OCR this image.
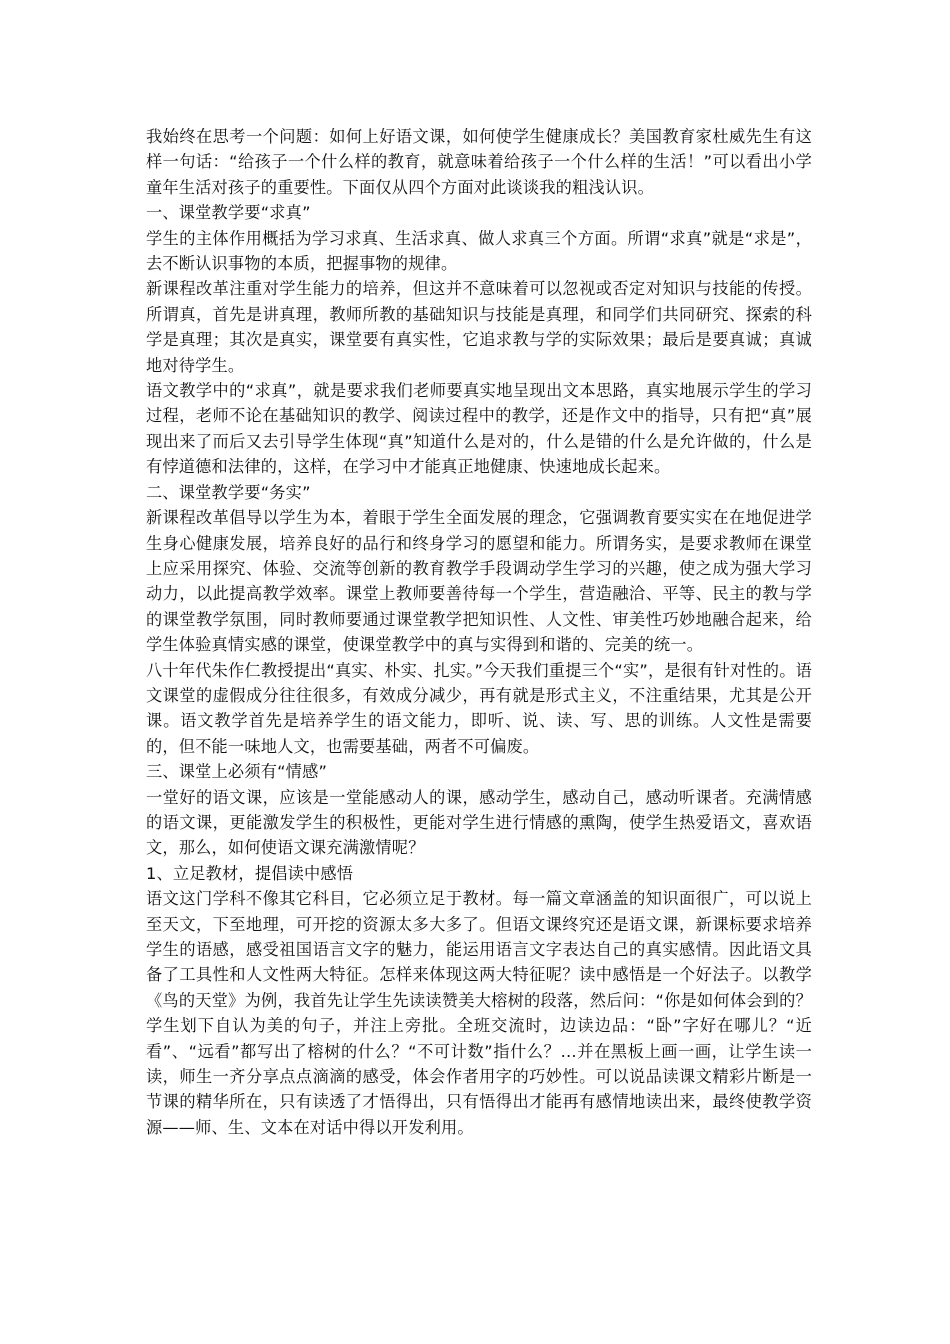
我始终在思考一个问题：如何上好语文课，如何使学生健康成长？美国教育家杜威先生有这样一句话：“给孩子一个什么样的教育，就意味着给孩子一个什么样的生活！”可以看出小学 童年生活对孩子的重要性。下面仅从四个方面对此谈谈我的粗浅认识。

一、课堂教学要“求真”

学生的主体作用概括为学习求真、生活求真、做人求真三个方面。所谓“求真”就是“求是”，去不断认识事物的本质，把握事物的规律。

新课程改革注重对学生能力的培养，但这并不意味着可以忽视或否定对知识与技能的传授。所谓真，首先是讲真理，教师所教的基础知识与技能是真理，和同学们共同研究、探索的科学是真理；其次是真实，课堂要有真实性，它追求教与学的实际效果；最后是要真诚；真诚地对待学生。

语文教学中的“求真”，就是要求我们老师要真实地呈现出文本思路，真实地展示学生的学习过程，老师不论在基础知识的教学、阅读过程中的教学，还是作文中的指导，只有把“真”展现出来了而后又去引导学生体现“真”知道什么是对的，什么是错的什么是允许做的，什么是有悖道德和法律的，这样，在学习中才能真正地健康、快速地成长起来。

二、课堂教学要“务实”

新课程改革倡导以学生为本，着眼于学生全面发展的理念，它强调教育要实实在在地促进学生身心健康发展，培养良好的品行和终身学习的愿望和能力。所谓务实，是要求教师在课堂上应采用探究、体验、交流等创新的教育教学手段调动学生学习的兴趣，使之成为强大学习动力，以此提高教学效率。课堂上教师要善待每一个学生，营造融洽、平等、民主的教与学的课堂教学氛围，同时教师要通过课堂教学把知识性、人文性、审美性巧妙地融合起来，给学生体验真情实感的课堂，使课堂教学中的真与实得到和谐的、完美的统一。

八十年代朱作仁教授提出“真实、朴实、扎实。”今天我们重提三个“实”，是很有针对性的。语文课堂的虚假成分往往很多，有效成分减少，再有就是形式主义，不注重结果，尤其是公开课。语文教学首先是培养学生的语文能力，即听、说、读、写、思的训练。人文性是需要的，但不能一味地人文，也需要基础，两者不可偏废。

三、课堂上必须有“情感”

一堂好的语文课，应该是一堂能感动人的课，感动学生，感动自己，感动听课者。充满情感的语文课，更能激发学生的积极性，更能对学生进行情感的熏陶，使学生热爱语文，喜欢语文，那么，如何使语文课充满激情呢？

1、立足教材，提倡读中感悟

语文这门学科不像其它科目，它必须立足于教材。每一篇文章涵盖的知识面很广，可以说上至天文，下至地理，可开挖的资源太多大多了。但语文课终究还是语文课，新课标要求培养学生的语感，感受祖国语言文字的魅力，能运用语言文字表达自己的真实感情。因此语文具备了工具性和人文性两大特征。怎样来体现这两大特征呢？读中感悟是一个好法子。以教学《鸟的天堂》为例，我首先让学生先读读赞美大榕树的段落，然后问：“你是如何体会到的？学生划下自认为美的句子，并注上旁批。全班交流时，边读边品：“卧”字好在哪儿？“近看”、“远看”都写出了榕树的什么？“不可计数”指什么？…并在黑板上画一画，让学生读一读，师生一齐分享点点滴滴的感受，体会作者用字的巧妙性。可以说品读课文精彩片断是一节课的精华所在，只有读透了才悟得出，只有悟得出才能再有感情地读出来，最终使教学资源——师、生、文本在对话中得以开发利用。
